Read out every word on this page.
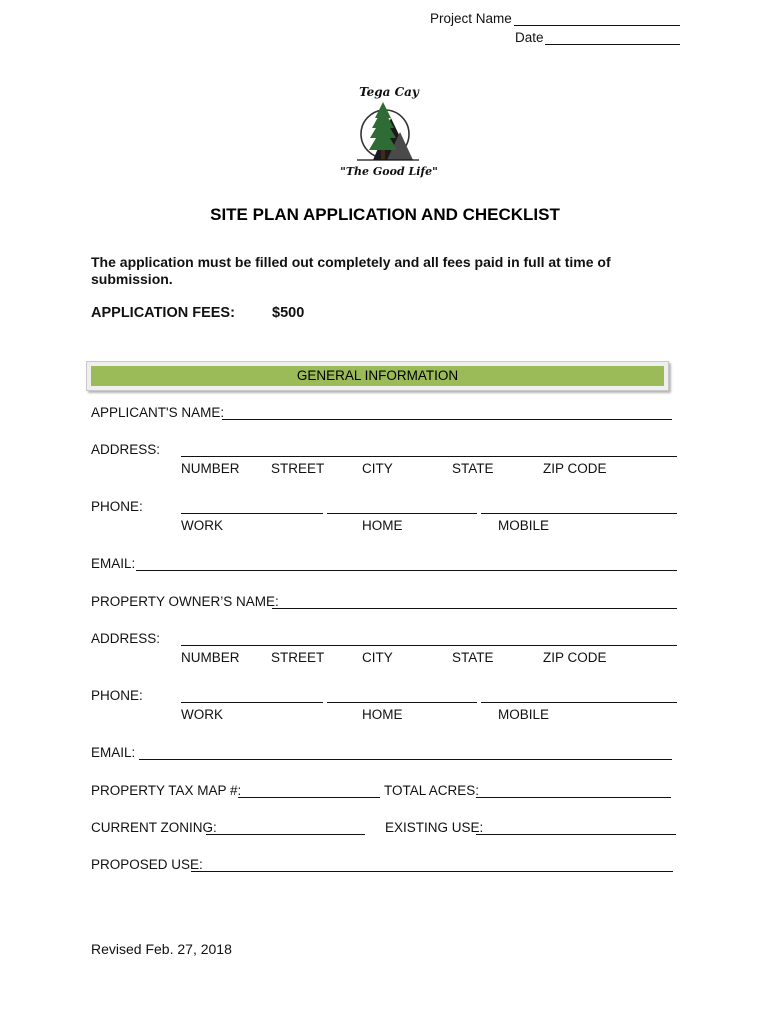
Project Name
Date
Tega Cay
"The Good Life"
SITE PLAN APPLICATION AND CHECKLIST
The application must be filled out completely and all fees paid in full at time of submission.
APPLICATION FEES:	$500
GENERAL INFORMATION
APPLICANT'S NAME:
ADDRESS:
NUMBER STREET	CITY	STATE	ZIP CODE
PHONE:
WORK	HOME	MOBILE
EMAIL:
PROPERTY OWNER’S NAME:
ADDRESS:
NUMBER STREET	CITY	STATE	ZIP CODE
PHONE:
WORK	HOME	MOBILE
EMAIL:
PROPERTY TAX MAP #:	TOTAL ACRES:
CURRENT ZONING:	EXISTING USE:
PROPOSED USE:
Revised Feb. 27, 2018
